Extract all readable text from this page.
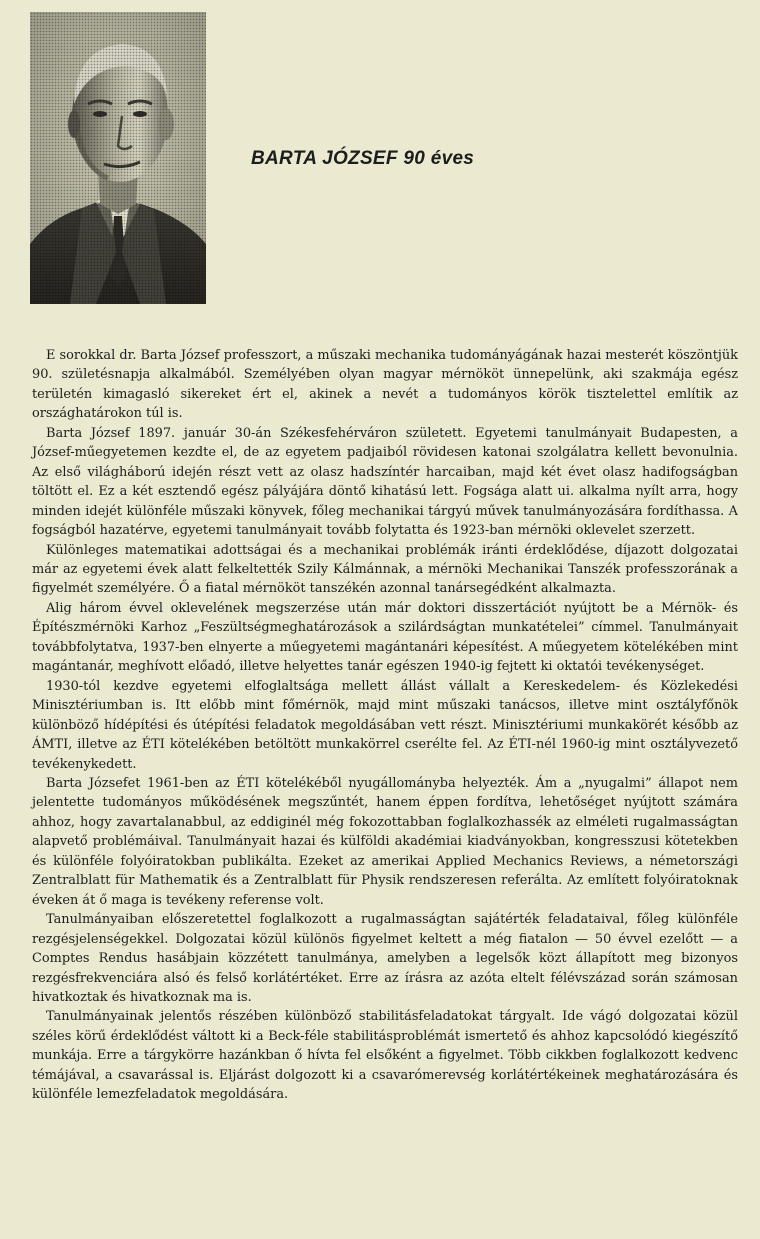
BARTA JÓZSEF 90 éves

E sorokkal dr. Barta József professzort, a műszaki mechanika tudományágának hazai mesterét köszöntjük 90. születésnapja alkalmából. Személyében olyan magyar mérnököt ünnepelünk, aki szakmája egész területén kimagasló sikereket ért el, akinek a nevét a tudományos körök tisztelettel említik az országhatárokon túl is.

Barta József 1897. január 30-án Székesfehérváron született. Egyetemi tanulmányait Budapesten, a József-műegyetemen kezdte el, de az egyetem padjaiból rövidesen katonai szolgálatra kellett bevonulnia. Az első világháború idején részt vett az olasz hadszíntér harcaiban, majd két évet olasz hadifogságban töltött el. Ez a két esztendő egész pályájára döntő kihatású lett. Fogsága alatt ui. alkalma nyílt arra, hogy minden idejét különféle műszaki könyvek, főleg mechanikai tárgyú művek tanulmányozására fordíthassa. A fogságból hazatérve, egyetemi tanulmányait tovább folytatta és 1923-ban mérnöki oklevelet szerzett.

Különleges matematikai adottságai és a mechanikai problémák iránti érdeklődése, díjazott dolgozatai már az egyetemi évek alatt felkeltették Szily Kálmánnak, a mérnöki Mechanikai Tanszék professzorának a figyelmét személyére. Ő a fiatal mérnököt tanszékén azonnal tanársegédként alkalmazta.

Alig három évvel oklevelének megszerzése után már doktori disszertációt nyújtott be a Mérnök- és Építészmérnöki Karhoz „Feszültségmeghatározások a szilárdságtan munkatételei” címmel. Tanulmányait továbbfolytatva, 1937-ben elnyerte a műegyetemi magántanári képesítést. A műegyetem kötelékében mint magántanár, meghívott előadó, illetve helyettes tanár egészen 1940-ig fejtett ki oktatói tevékenységet.

1930-tól kezdve egyetemi elfoglaltsága mellett állást vállalt a Kereskedelem- és Közlekedési Minisztériumban is. Itt előbb mint főmérnök, majd mint műszaki tanácsos, illetve mint osztályfőnök különböző hídépítési és útépítési feladatok megoldásában vett részt. Minisztériumi munkakörét később az ÁMTI, illetve az ÉTI kötelékében betöltött munkakörrel cserélte fel. Az ÉTI-nél 1960-ig mint osztályvezető tevékenykedett.

Barta Józsefet 1961-ben az ÉTI kötelékéből nyugállományba helyezték. Ám a „nyugalmi” állapot nem jelentette tudományos működésének megszűntét, hanem éppen fordítva, lehetőséget nyújtott számára ahhoz, hogy zavartalanabbul, az eddiginél még fokozottabban foglalkozhassék az elméleti rugalmasságtan alapvető problémáival. Tanulmányait hazai és külföldi akadémiai kiadványokban, kongresszusi kötetekben és különféle folyóiratokban publikálta. Ezeket az amerikai Applied Mechanics Reviews, a németországi Zentralblatt für Mathematik és a Zentralblatt für Physik rendszeresen referálta. Az említett folyóiratoknak éveken át ő maga is tevékeny referense volt.

Tanulmányaiban előszeretettel foglalkozott a rugalmasságtan sajátérték feladataival, főleg különféle rezgésjelenségekkel. Dolgozatai közül különös figyelmet keltett a még fiatalon — 50 évvel ezelőtt — a Comptes Rendus hasábjain közzétett tanulmánya, amelyben a legelsők közt állapított meg bizonyos rezgésfrekvenciára alsó és felső korlátértéket. Erre az írásra az azóta eltelt félévszázad során számosan hivatkoztak és hivatkoznak ma is.

Tanulmányainak jelentős részében különböző stabilitásfeladatokat tárgyalt. Ide vágó dolgozatai közül széles körű érdeklődést váltott ki a Beck-féle stabilitásproblémát ismertető és ahhoz kapcsolódó kiegészítő munkája. Erre a tárgykörre hazánkban ő hívta fel elsőként a figyelmet. Több cikkben foglalkozott kedvenc témájával, a csavarással is. Eljárást dolgozott ki a csavarómerevség korlátértékeinek meghatározására és különféle lemezfeladatok megoldására.
